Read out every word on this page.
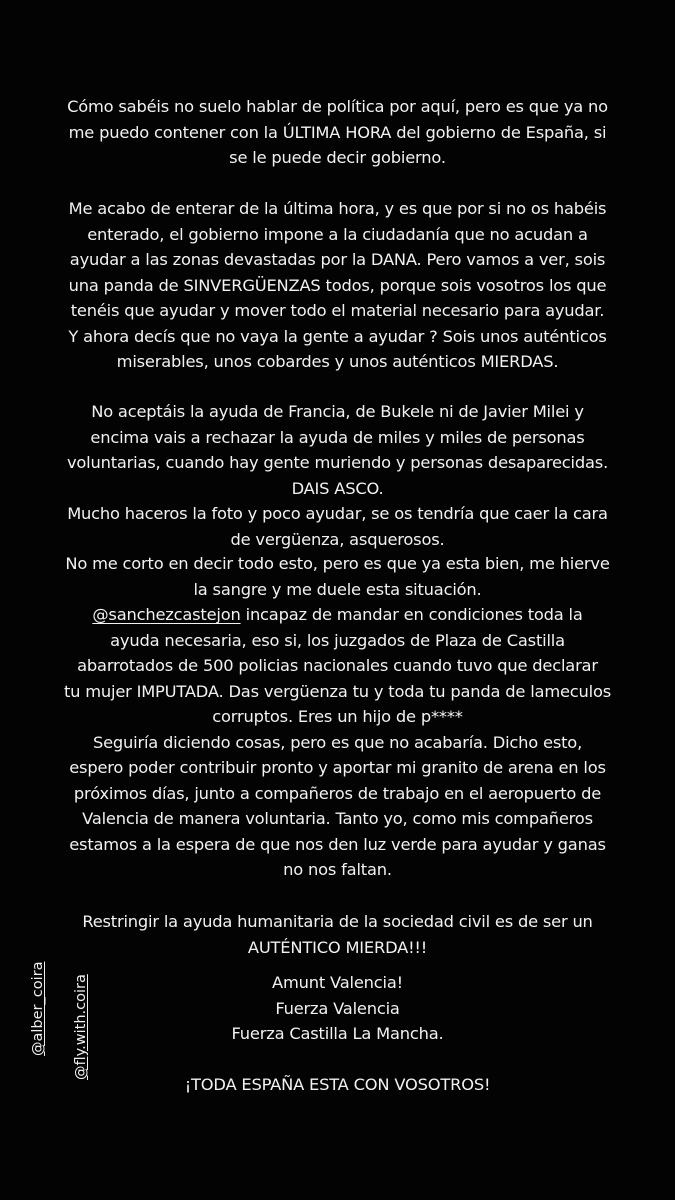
Cómo sabéis no suelo hablar de política por aquí, pero es que ya no
me puedo contener con la ÚLTIMA HORA del gobierno de España, si
se le puede decir gobierno.
Me acabo de enterar de la última hora, y es que por si no os habéis
enterado, el gobierno impone a la ciudadanía que no acudan a
ayudar a las zonas devastadas por la DANA. Pero vamos a ver, sois
una panda de SINVERGÜENZAS todos, porque sois vosotros los que
tenéis que ayudar y mover todo el material necesario para ayudar.
Y ahora decís que no vaya la gente a ayudar ? Sois unos auténticos
miserables, unos cobardes y unos auténticos MIERDAS.
No aceptáis la ayuda de Francia, de Bukele ni de Javier Milei y
encima vais a rechazar la ayuda de miles y miles de personas
voluntarias, cuando hay gente muriendo y personas desaparecidas.
DAIS ASCO.
Mucho haceros la foto y poco ayudar, se os tendría que caer la cara
de vergüenza, asquerosos.
No me corto en decir todo esto, pero es que ya esta bien, me hierve
la sangre y me duele esta situación.
@sanchezcastejon incapaz de mandar en condiciones toda la
ayuda necesaria, eso si, los juzgados de Plaza de Castilla
abarrotados de 500 policias nacionales cuando tuvo que declarar
tu mujer IMPUTADA. Das vergüenza tu y toda tu panda de lameculos
corruptos. Eres un hijo de p****
Seguiría diciendo cosas, pero es que no acabaría. Dicho esto,
espero poder contribuir pronto y aportar mi granito de arena en los
próximos días, junto a compañeros de trabajo en el aeropuerto de
Valencia de manera voluntaria. Tanto yo, como mis compañeros
estamos a la espera de que nos den luz verde para ayudar y ganas
no nos faltan.
Restringir la ayuda humanitaria de la sociedad civil es de ser un
AUTÉNTICO MIERDA!!!
Amunt Valencia!
Fuerza Valencia
Fuerza Castilla La Mancha.
¡TODA ESPAÑA ESTA CON VOSOTROS!
@alber_coira @fly.with.coira
